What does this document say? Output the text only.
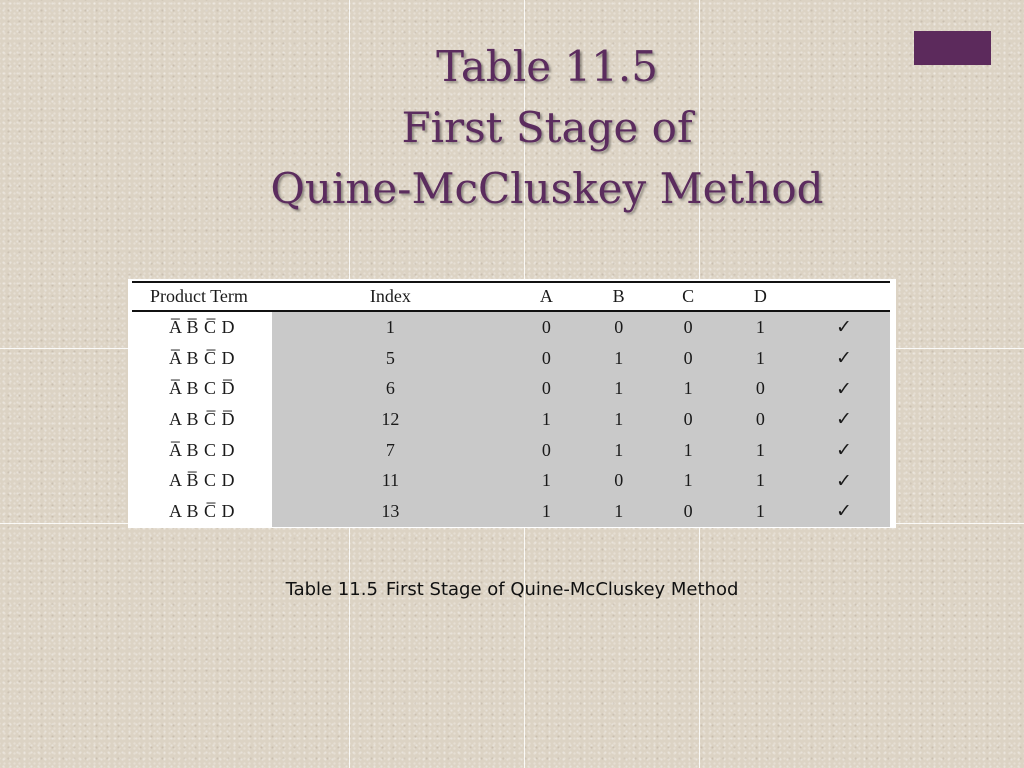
Table 11.5
First Stage of
Quine-McCluskey Method
Product Term	Index	A	B	C	D	
A̅ B̅ C̅ D	1	0	0	0	1	✓
A̅ B C̅ D	5	0	1	0	1	✓
A̅ B C D̅	6	0	1	1	0	✓
A B C̅ D̅	12	1	1	0	0	✓
A̅ B C D	7	0	1	1	1	✓
A B̅ C D	11	1	0	1	1	✓
A B C̅ D	13	1	1	0	1	✓

Table 11.5 First Stage of Quine-McCluskey Method
